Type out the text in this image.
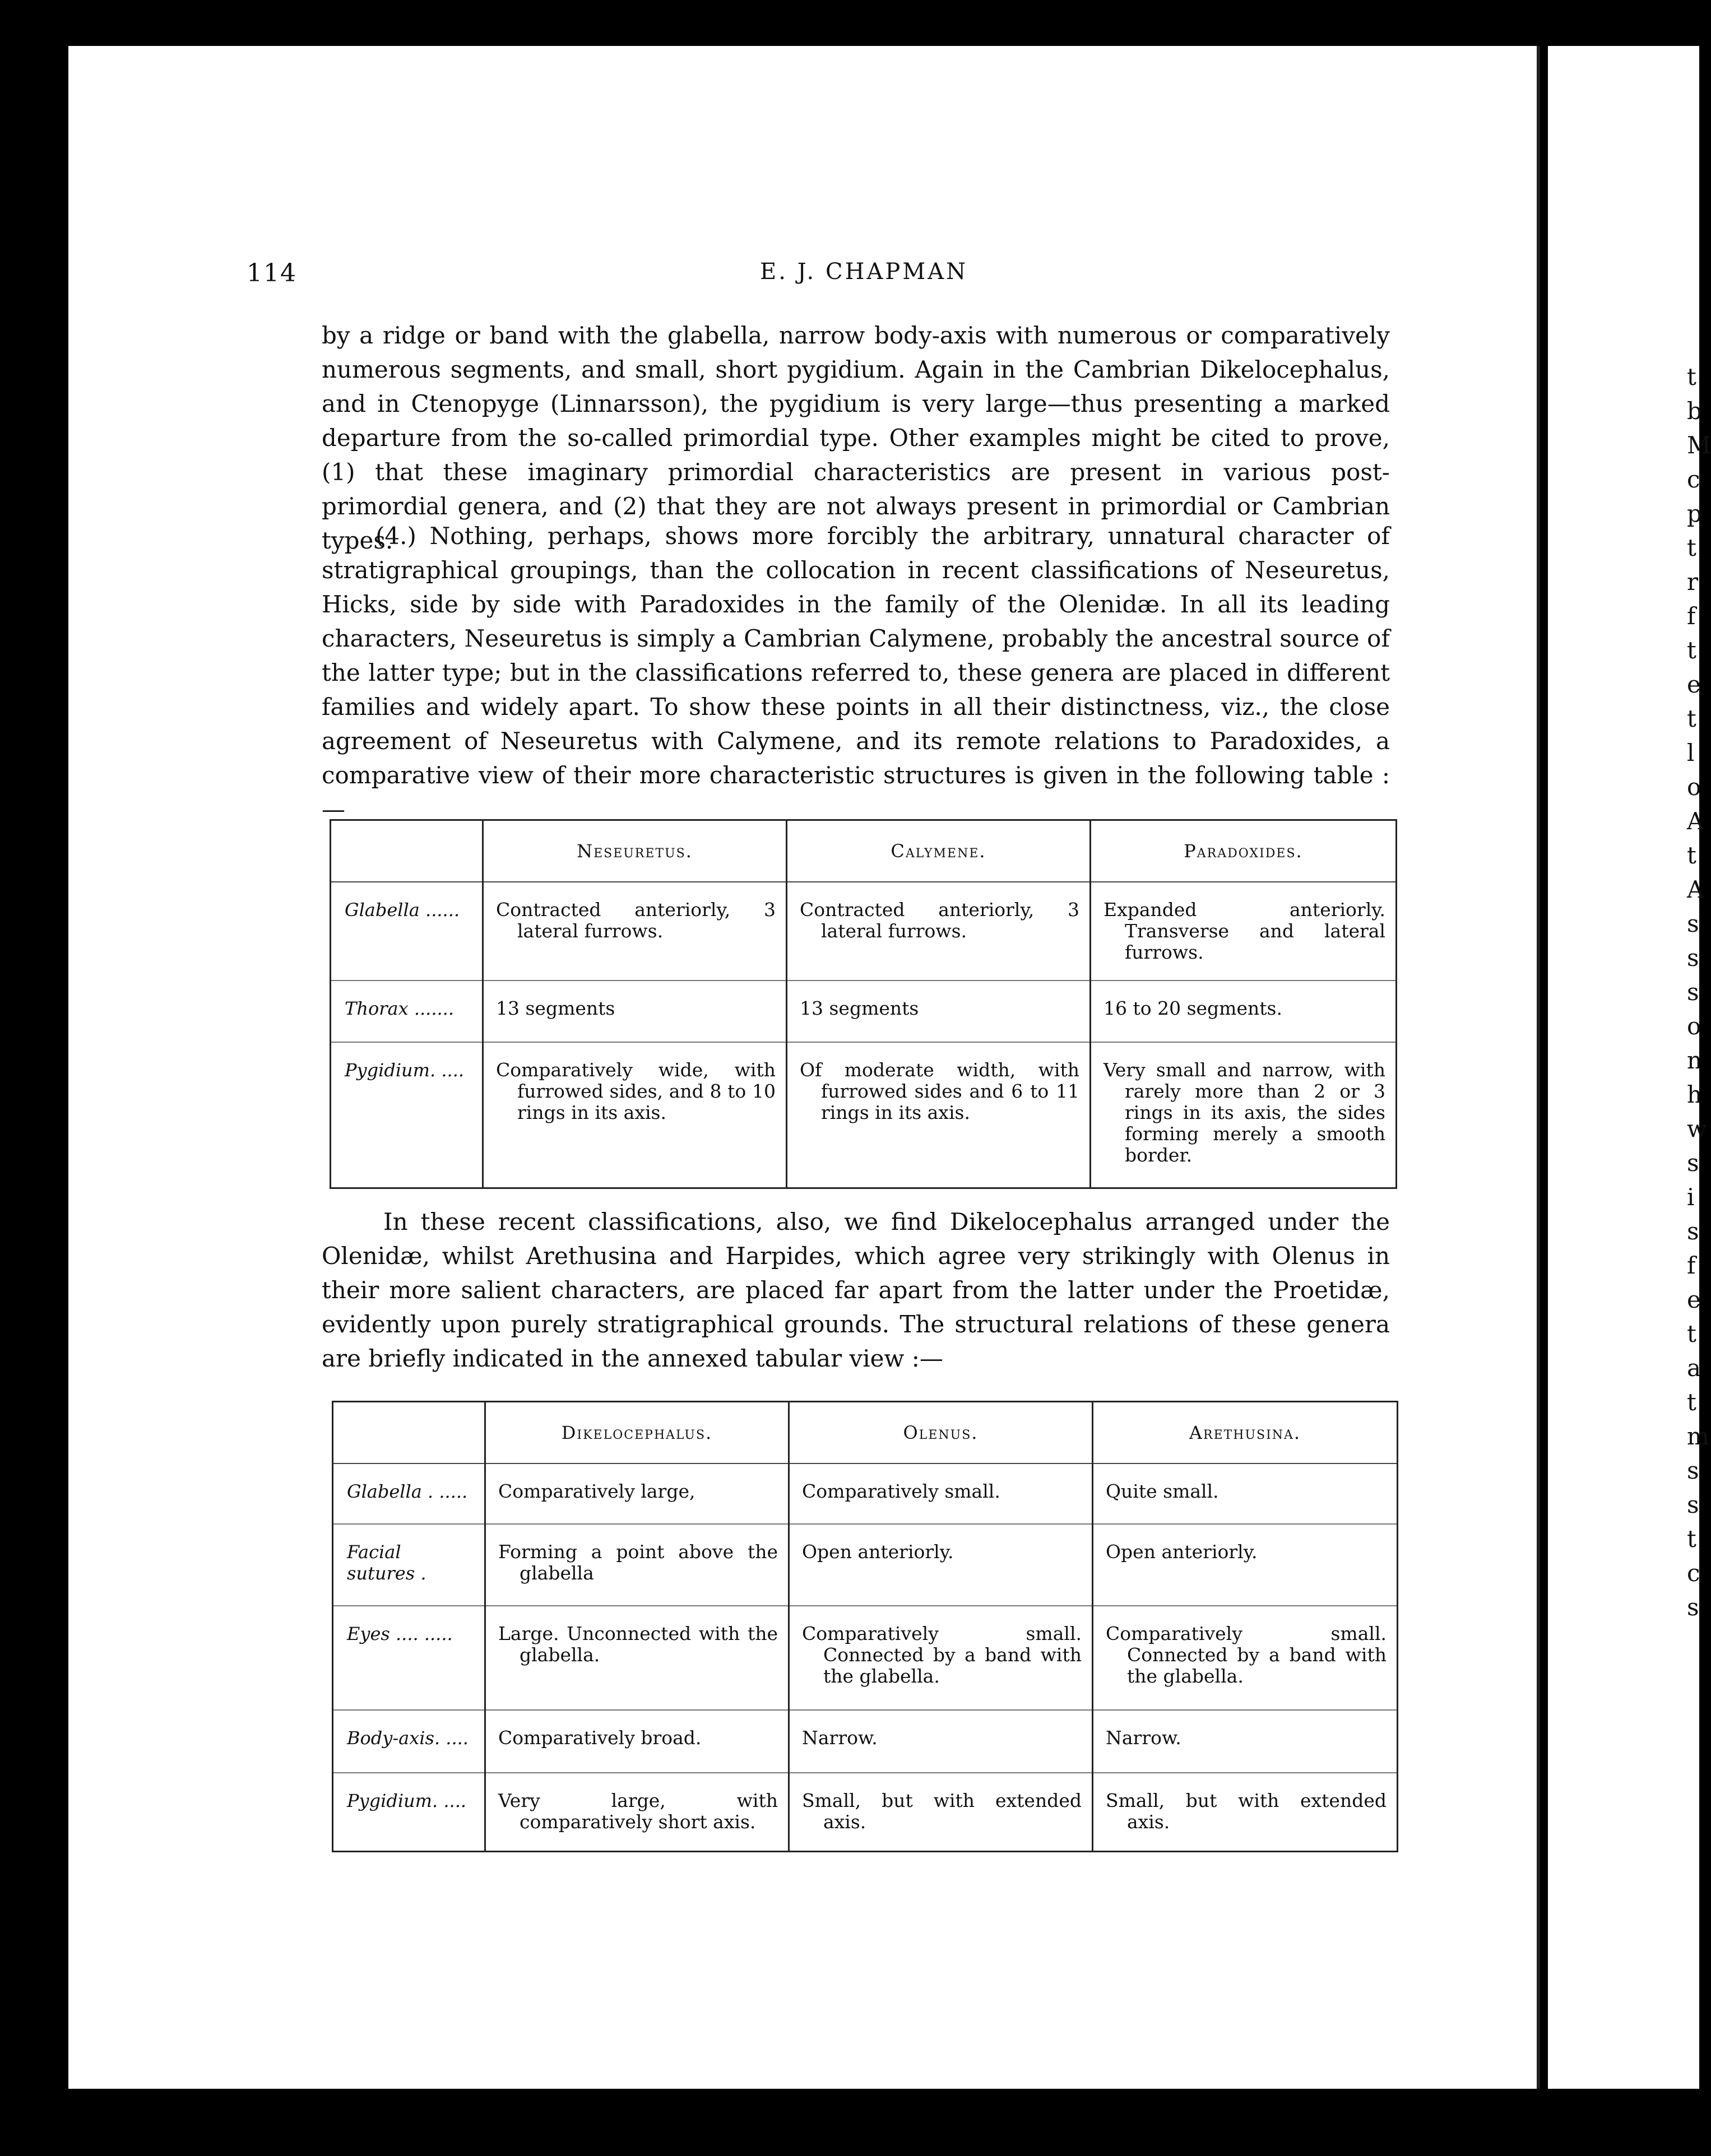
t
b
M
c
p
t
r
f
t
e
t
l
o
A
t
A
s
s
s
o
n
h
w
s
i
s
f
e
t
a
t
m
s
s
t
c
s
114	E. J. CHAPMAN

by a ridge or band with the glabella, narrow body-axis with numerous or comparatively numerous segments, and small, short pygidium. Again in the Cambrian Dikelocephalus, and in Ctenopyge (Linnarsson), the pygidium is very large—thus presenting a marked departure from the so-called primordial type. Other examples might be cited to prove, (1) that these imaginary primordial characteristics are present in various post-primordial genera, and (2) that they are not always present in primordial or Cambrian types.

(4.) Nothing, perhaps, shows more forcibly the arbitrary, unnatural character of stratigraphical groupings, than the collocation in recent classifications of Neseuretus, Hicks, side by side with Paradoxides in the family of the Olenidæ. In all its leading characters, Neseuretus is simply a Cambrian Calymene, probably the ancestral source of the latter type; but in the classifications referred to, these genera are placed in different families and widely apart. To show these points in all their distinctness, viz., the close agreement of Neseuretus with Calymene, and its remote relations to Paradoxides, a comparative view of their more characteristic structures is given in the following table :—

	Neseuretus.	Calymene.	Paradoxides.
Glabella ......	Contracted anteriorly, 3 lateral furrows.	Contracted anteriorly, 3 lateral furrows.	Expanded anteriorly. Transverse and lateral furrows.

Thorax .......	13 segments	13 segments	16 to 20 segments.
Pygidium. ....	Comparatively wide, with furrowed sides, and 8 to 10 rings in its axis.	Of moderate width, with furrowed sides and 6 to 11 rings in its axis.	Very small and narrow, with rarely more than 2 or 3 rings in its axis, the sides forming merely a smooth border.

In these recent classifications, also, we find Dikelocephalus arranged under the Olenidæ, whilst Arethusina and Harpides, which agree very strikingly with Olenus in their more salient characters, are placed far apart from the latter under the Proetidæ, evidently upon purely stratigraphical grounds. The structural relations of these genera are briefly indicated in the annexed tabular view :—

	Dikelocephalus.	Olenus.	Arethusina.
Glabella . .....	Comparatively large,	Comparatively small.	Quite small.
Facial sutures .	Forming a point above the glabella	Open anteriorly.	Open anteriorly.
Eyes .... .....	Large. Unconnected with the glabella.	Comparatively small. Connected by a band with the glabella.	Comparatively small. Connected by a band with the glabella.

Body-axis. ....	Comparatively broad.	Narrow.	Narrow.
Pygidium. ....	Very large, with comparatively short axis.	Small, but with extended axis.	Small, but with extended axis.
